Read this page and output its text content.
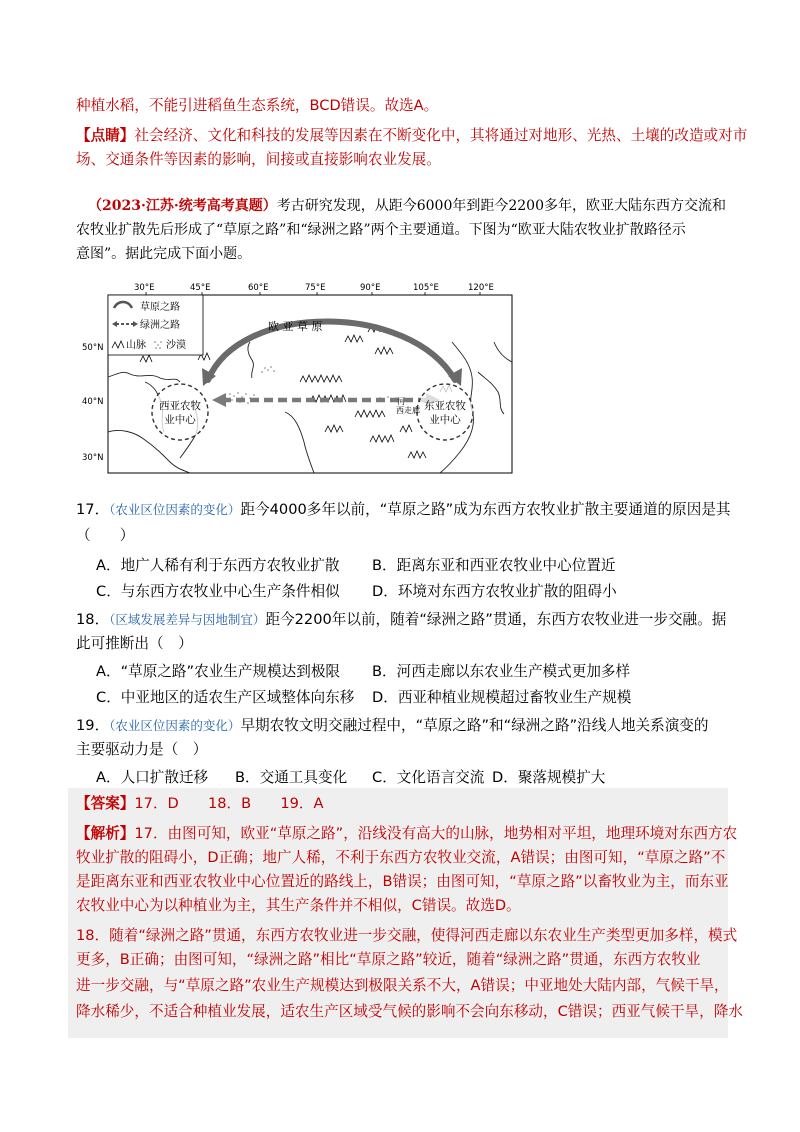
种植水稻，不能引进稻鱼生态系统，BCD错误。故选A。
【点睛】社会经济、文化和科技的发展等因素在不断变化中，其将通过对地形、光热、土壤的改造或对市
场、交通条件等因素的影响，间接或直接影响农业发展。
（2023·江苏·统考高考真题）考古研究发现，从距今6000年到距今2200多年，欧亚大陆东西方交流和
农牧业扩散先后形成了“草原之路”和“绿洲之路”两个主要通道。下图为“欧亚大陆农牧业扩散路径示
意图”。据此完成下面小题。
30°E	45°E	60°E	75°E	90°E	105°E	120°E
50°N
40°N
30°N
西亚农牧
业中心
东亚农牧
业中心
河
西走廊
欧 亚 草 原
草原之路
绿洲之路
山脉 沙漠
17．（农业区位因素的变化）距今4000多年以前，“草原之路”成为东西方农牧业扩散主要通道的原因是其
（　　）
A．地广人稀有利于东西方农牧业扩散 B．距离东亚和西亚农牧业中心位置近
C．与东西方农牧业中心生产条件相似 D．环境对东西方农牧业扩散的阻碍小
18．（区域发展差异与因地制宜）距今2200年以前，随着“绿洲之路”贯通，东西方农牧业进一步交融。据
此可推断出（　）
A．“草原之路”农业生产规模达到极限 B．河西走廊以东农业生产模式更加多样
C．中亚地区的适农生产区域整体向东移 D．西亚种植业规模超过畜牧业生产规模
19．（农业区位因素的变化）早期农牧文明交融过程中，“草原之路”和“绿洲之路”沿线人地关系演变的
主要驱动力是（　）
A．人口扩散迁移 B．交通工具变化 C．文化语言交流 D．聚落规模扩大
【答案】17．D　　18．B　　19．A
【解析】17．由图可知，欧亚“草原之路”，沿线没有高大的山脉，地势相对平坦，地理环境对东西方农
牧业扩散的阻碍小，D正确；地广人稀，不利于东西方农牧业交流，A错误；由图可知，“草原之路”不
是距离东亚和西亚农牧业中心位置近的路线上，B错误；由图可知，“草原之路”以畜牧业为主，而东亚
农牧业中心为以种植业为主，其生产条件并不相似，C错误。故选D。
18．随着“绿洲之路”贯通，东西方农牧业进一步交融，使得河西走廊以东农业生产类型更加多样，模式
更多，B正确；由图可知，“绿洲之路”相比“草原之路”较近，随着“绿洲之路”贯通，东西方农牧业
进一步交融，与“草原之路”农业生产规模达到极限关系不大，A错误；中亚地处大陆内部，气候干旱，
降水稀少，不适合种植业发展，适农生产区域受气候的影响不会向东移动，C错误；西亚气候干旱，降水
